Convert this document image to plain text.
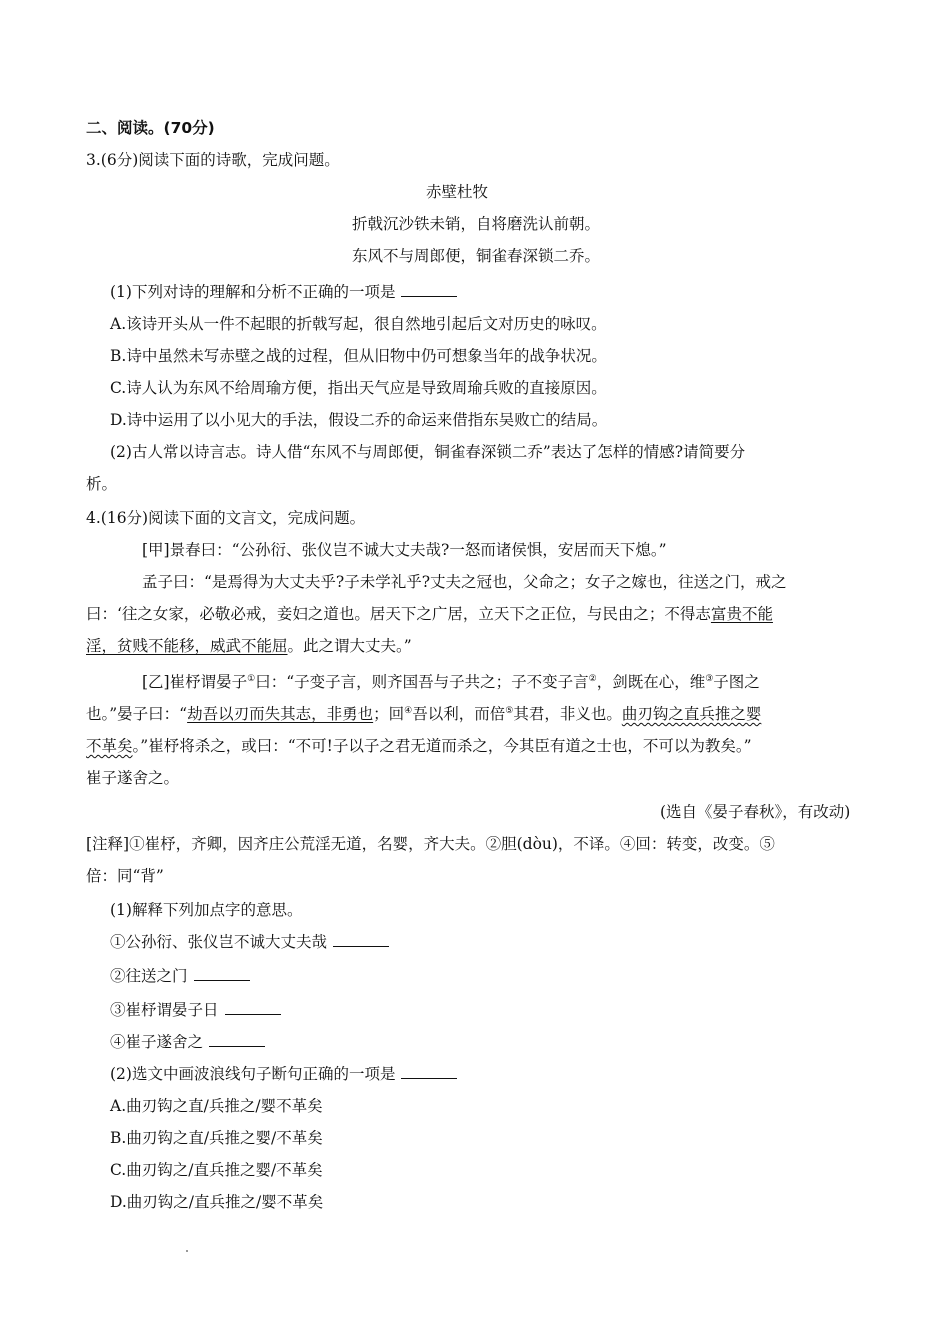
二、阅读。(70分)
3.(6分)阅读下面的诗歌，完成问题。
赤壁杜牧
折戟沉沙铁未销，自将磨洗认前朝。
东风不与周郎便，铜雀春深锁二乔。
(1)下列对诗的理解和分析不正确的一项是
A.该诗开头从一件不起眼的折戟写起，很自然地引起后文对历史的咏叹。
B.诗中虽然未写赤壁之战的过程，但从旧物中仍可想象当年的战争状况。
C.诗人认为东风不给周瑜方便，指出天气应是导致周瑜兵败的直接原因。
D.诗中运用了以小见大的手法，假设二乔的命运来借指东吴败亡的结局。
(2)古人常以诗言志。诗人借“东风不与周郎便，铜雀春深锁二乔”表达了怎样的情感?请简要分
析。
4.(16分)阅读下面的文言文，完成问题。
[甲]景春曰：“公孙衍、张仪岂不诚大丈夫哉?一怒而诸侯惧，安居而天下熄。”
孟子曰：“是焉得为大丈夫乎?子未学礼乎?丈夫之冠也，父命之；女子之嫁也，往送之门，戒之
曰：‘往之女家，必敬必戒，妾妇之道也。居天下之广居，立天下之正位，与民由之；不得志富贵不能
淫，贫贱不能移，威武不能屈。此之谓大丈夫。”
[乙]崔杼谓晏子①曰：“子变子言，则齐国吾与子共之；子不变子言②，剑既在心，维③子图之
也。”晏子曰：“劫吾以刃而失其志，非勇也；回④吾以利，而倍⑤其君，非义也。曲刃钩之直兵推之婴
不革矣。”崔杼将杀之，或曰：“不可!子以子之君无道而杀之，今其臣有道之士也，不可以为教矣。”
崔子遂舍之。
(选自《晏子春秋》，有改动)
[注释]①崔杼，齐卿，因齐庄公荒淫无道，名婴，齐大夫。②胆(dòu)，不译。④回：转变，改变。⑤
倍：同“背”
(1)解释下列加点字的意思。
①公孙衍、张仪岂不诚大丈夫哉
②往送之门
③崔杼谓晏子日
④崔子遂舍之
(2)选文中画波浪线句子断句正确的一项是
A.曲刃钩之直/兵推之/婴不革矣
B.曲刃钩之直/兵推之婴/不革矣
C.曲刃钩之/直兵推之婴/不革矣
D.曲刃钩之/直兵推之/婴不革矣
